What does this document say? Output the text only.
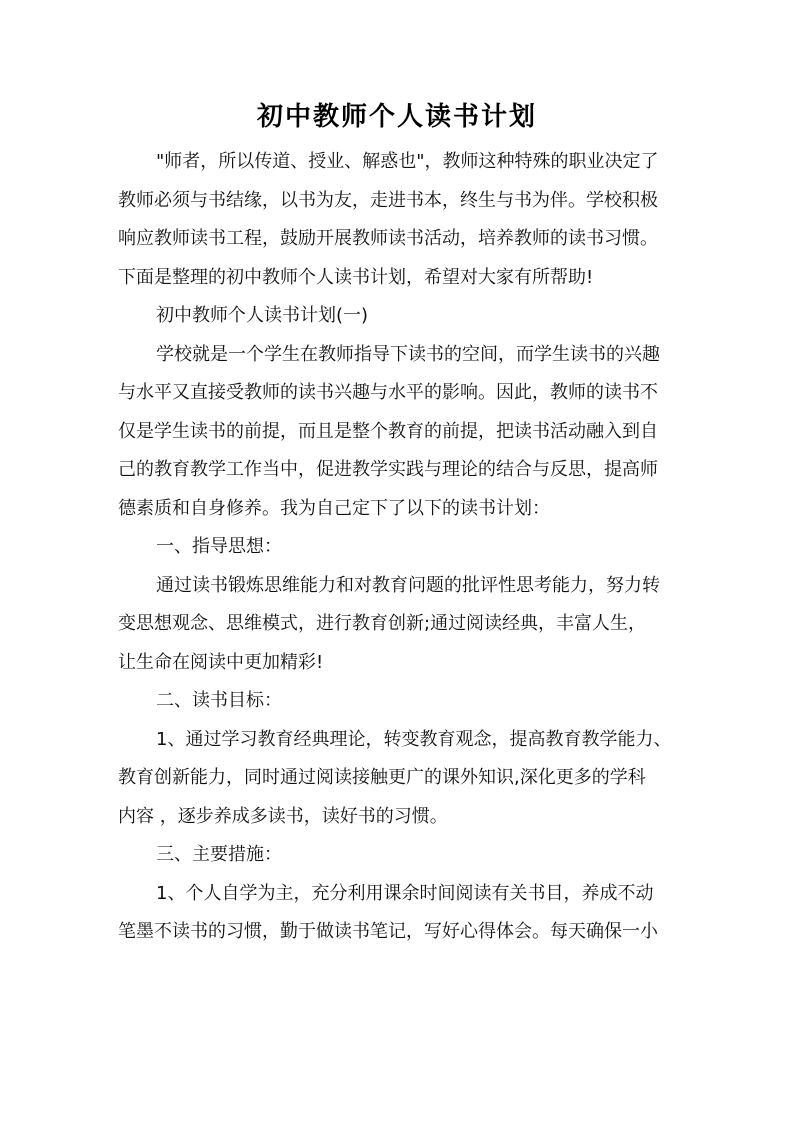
初中教师个人读书计划

"师者，所以传道、授业、解惑也"，教师这种特殊的职业决定了
教师必须与书结缘，以书为友，走进书本，终生与书为伴。学校积极
响应教师读书工程，鼓励开展教师读书活动，培养教师的读书习惯。
下面是整理的初中教师个人读书计划，希望对大家有所帮助!

初中教师个人读书计划(一)

学校就是一个学生在教师指导下读书的空间，而学生读书的兴趣
与水平又直接受教师的读书兴趣与水平的影响。因此，教师的读书不
仅是学生读书的前提，而且是整个教育的前提，把读书活动融入到自
己的教育教学工作当中，促进教学实践与理论的结合与反思，提高师
德素质和自身修养。我为自己定下了以下的读书计划：

一、指导思想：

通过读书锻炼思维能力和对教育问题的批评性思考能力，努力转
变思想观念、思维模式，进行教育创新;通过阅读经典，丰富人生，
让生命在阅读中更加精彩!

二、读书目标：

1、通过学习教育经典理论，转变教育观念，提高教育教学能力、
教育创新能力，同时通过阅读接触更广的课外知识,深化更多的学科
内容 ，逐步养成多读书，读好书的习惯。

三、主要措施：

1、个人自学为主，充分利用课余时间阅读有关书目，养成不动
笔墨不读书的习惯，勤于做读书笔记，写好心得体会。每天确保一小
